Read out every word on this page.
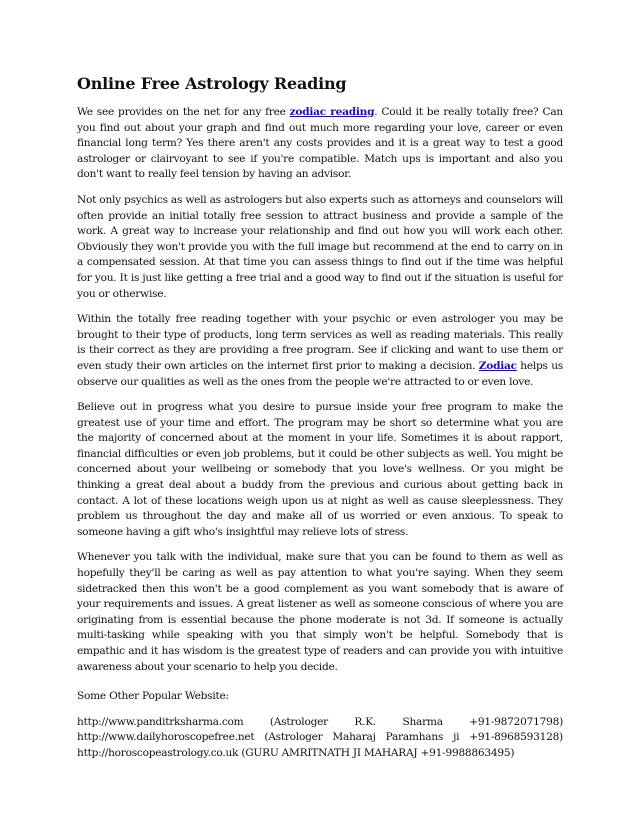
Online Free Astrology Reading

We see provides on the net for any free zodiac reading. Could it be really totally free? Can you find out about your graph and find out much more regarding your love, career or even financial long term? Yes there aren't any costs provides and it is a great way to test a good astrologer or clairvoyant to see if you're compatible. Match ups is important and also you don't want to really feel tension by having an advisor.

Not only psychics as well as astrologers but also experts such as attorneys and counselors will often provide an initial totally free session to attract business and provide a sample of the work. A great way to increase your relationship and find out how you will work each other. Obviously they won't provide you with the full image but recommend at the end to carry on in a compensated session. At that time you can assess things to find out if the time was helpful for you. It is just like getting a free trial and a good way to find out if the situation is useful for you or otherwise.

Within the totally free reading together with your psychic or even astrologer you may be brought to their type of products, long term services as well as reading materials. This really is their correct as they are providing a free program. See if clicking and want to use them or even study their own articles on the internet first prior to making a decision. Zodiac helps us observe our qualities as well as the ones from the people we're attracted to or even love.

Believe out in progress what you desire to pursue inside your free program to make the greatest use of your time and effort. The program may be short so determine what you are the majority of concerned about at the moment in your life. Sometimes it is about rapport, financial difficulties or even job problems, but it could be other subjects as well. You might be concerned about your wellbeing or somebody that you love's wellness. Or you might be thinking a great deal about a buddy from the previous and curious about getting back in contact. A lot of these locations weigh upon us at night as well as cause sleeplessness. They problem us throughout the day and make all of us worried or even anxious. To speak to someone having a gift who's insightful may relieve lots of stress.

Whenever you talk with the individual, make sure that you can be found to them as well as hopefully they'll be caring as well as pay attention to what you're saying. When they seem sidetracked then this won't be a good complement as you want somebody that is aware of your requirements and issues. A great listener as well as someone conscious of where you are originating from is essential because the phone moderate is not 3d. If someone is actually multi-tasking while speaking with you that simply won't be helpful. Somebody that is empathic and it has wisdom is the greatest type of readers and can provide you with intuitive awareness about your scenario to help you decide.

Some Other Popular Website:

http://www.panditrksharma.com (Astrologer R.K. Sharma +91-9872071798)
http://www.dailyhoroscopefree.net (Astrologer Maharaj Paramhans ji +91-8968593128)

http://horoscopeastrology.co.uk (GURU AMRITNATH JI MAHARAJ +91-9988863495)
